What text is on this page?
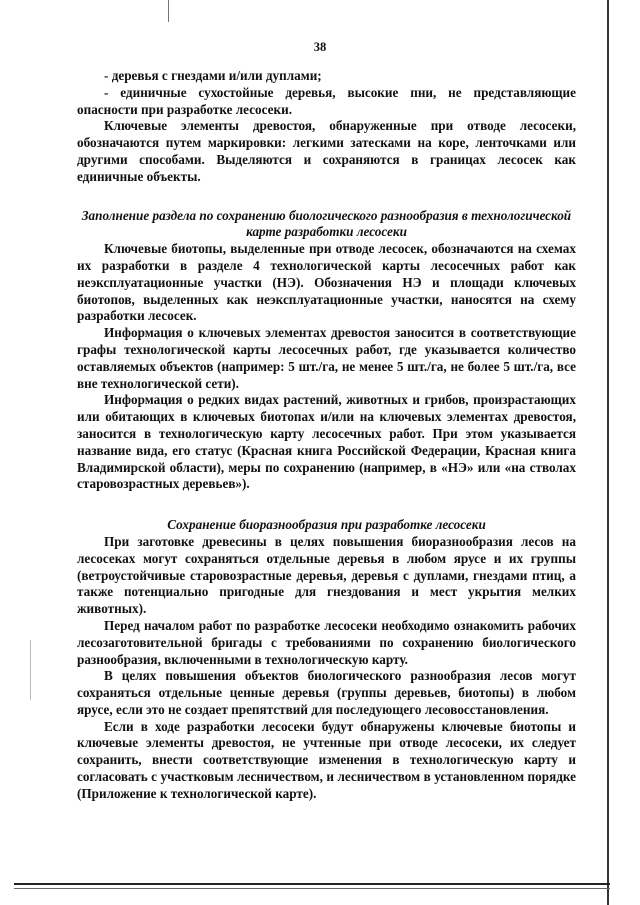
38

- деревья с гнездами и/или дуплами;

- единичные сухостойные деревья, высокие пни, не представляющие опасности при разработке лесосеки.

Ключевые элементы древостоя, обнаруженные при отводе лесосеки, обозначаются путем маркировки: легкими затесками на коре, ленточками или другими способами. Выделяются и сохраняются в границах лесосек как единичные объекты.

Заполнение раздела по сохранению биологического разнообразия в технологической карте разработки лесосеки

Ключевые биотопы, выделенные при отводе лесосек, обозначаются на схемах их разработки в разделе 4 технологической карты лесосечных работ как неэксплуатационные участки (НЭ). Обозначения НЭ и площади ключевых биотопов, выделенных как неэксплуатационные участки, наносятся на схему разработки лесосек.

Информация о ключевых элементах древостоя заносится в соответствующие графы технологической карты лесосечных работ, где указывается количество оставляемых объектов (например: 5 шт./га, не менее 5 шт./га, не более 5 шт./га, все вне технологической сети).

Информация о редких видах растений, животных и грибов, произрастающих или обитающих в ключевых биотопах и/или на ключевых элементах древостоя, заносится в технологическую карту лесосечных работ. При этом указывается название вида, его статус (Красная книга Российской Федерации, Красная книга Владимирской области), меры по сохранению (например, в «НЭ» или «на стволах старовозрастных деревьев»).

Сохранение биоразнообразия при разработке лесосеки

При заготовке древесины в целях повышения биоразнообразия лесов на лесосеках могут сохраняться отдельные деревья в любом ярусе и их группы (ветроустойчивые старовозрастные деревья, деревья с дуплами, гнездами птиц, а также потенциально пригодные для гнездования и мест укрытия мелких животных).

Перед началом работ по разработке лесосеки необходимо ознакомить рабочих лесозаготовительной бригады с требованиями по сохранению биологического разнообразия, включенными в технологическую карту.

В целях повышения объектов биологического разнообразия лесов могут сохраняться отдельные ценные деревья (группы деревьев, биотопы) в любом ярусе, если это не создает препятствий для последующего лесовосстановления.

Если в ходе разработки лесосеки будут обнаружены ключевые биотопы и ключевые элементы древостоя, не учтенные при отводе лесосеки, их следует сохранить, внести соответствующие изменения в технологическую карту и согласовать с участковым лесничеством, и лесничеством в установленном порядке (Приложение к технологической карте).
